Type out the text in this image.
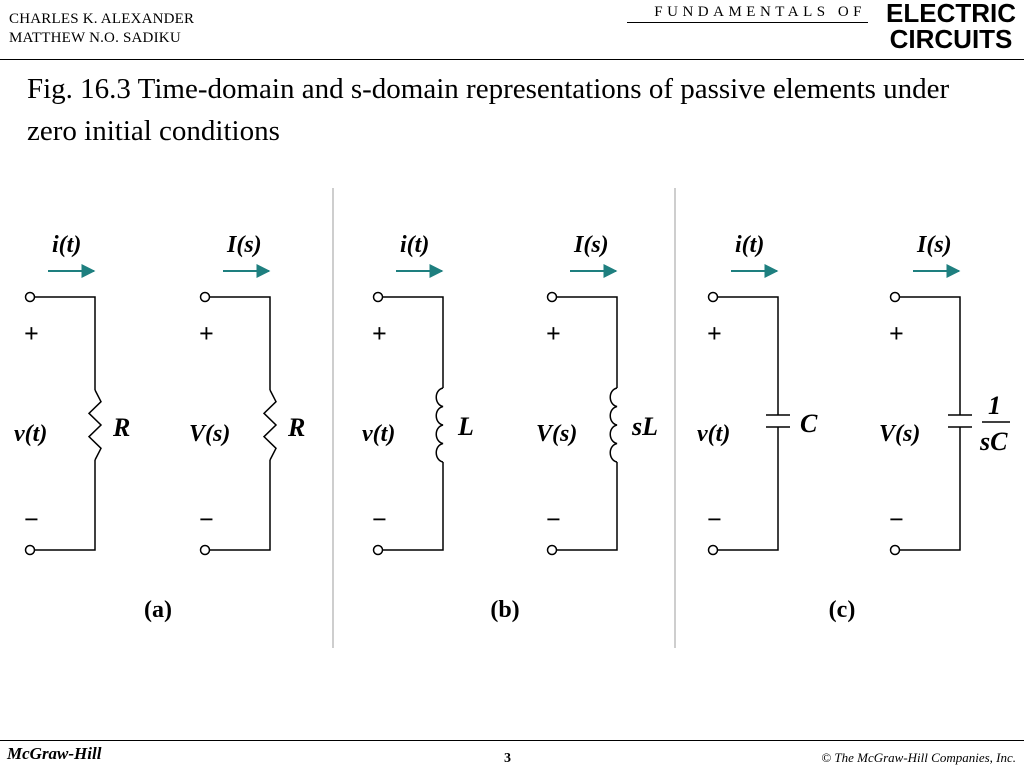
CHARLES K. ALEXANDER
MATTHEW N.O. SADIKU
FUNDAMENTALS OF ELECTRIC
CIRCUITS
Fig. 16.3 Time-domain and s-domain representations of passive elements under zero initial conditions
i(t)
+
−
v(t)	R
I(s)
+
−
V(s) R
(a)
i(t)
+
−
v(t) L
I(s)
+
−
V(s) sL
(b)
i(t)
+
−
v(t)	C
I(s)
+
−
V(s)
1
sC
(c)
McGraw-Hill	3	© The McGraw-Hill Companies, Inc.
